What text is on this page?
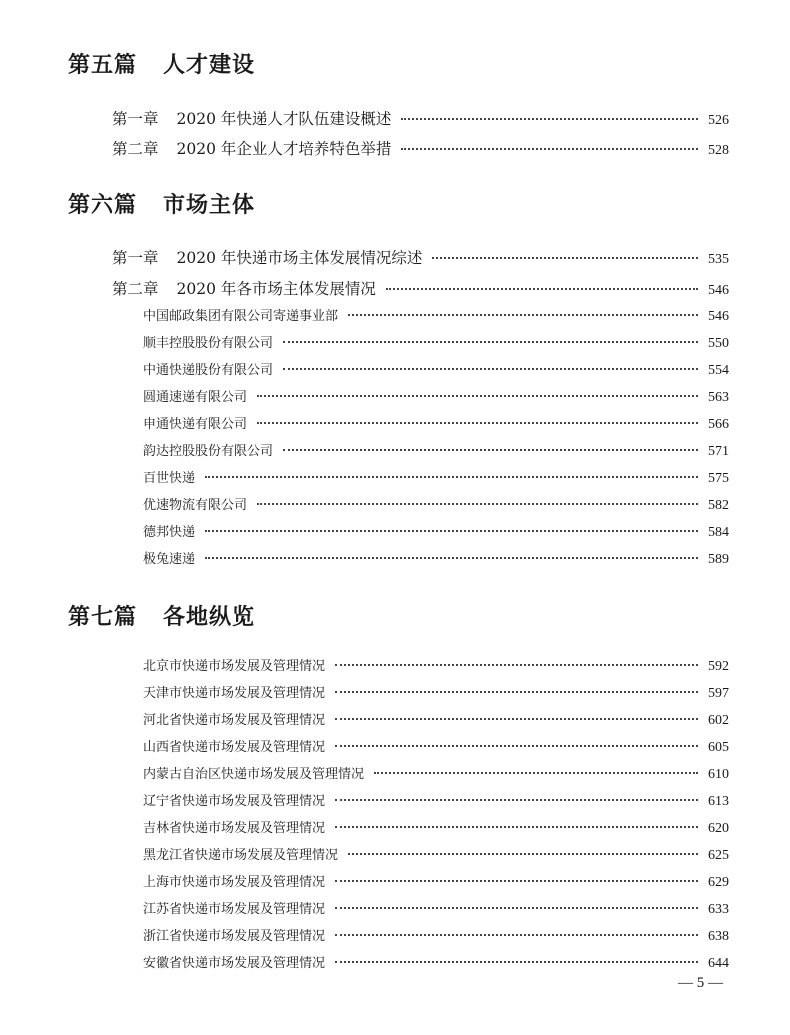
第五篇 人才建设
第一章 2020 年快递人才队伍建设概述	526
第二章 2020 年企业人才培养特色举措	528
第六篇 市场主体
第一章 2020 年快递市场主体发展情况综述	535
第二章 2020 年各市场主体发展情况	546
中国邮政集团有限公司寄递事业部	546
顺丰控股股份有限公司	550
中通快递股份有限公司	554
圆通速递有限公司	563
申通快递有限公司	566
韵达控股股份有限公司	571
百世快递	575
优速物流有限公司	582
德邦快递	584
极兔速递	589
第七篇 各地纵览
北京市快递市场发展及管理情况	592
天津市快递市场发展及管理情况	597
河北省快递市场发展及管理情况	602
山西省快递市场发展及管理情况	605
内蒙古自治区快递市场发展及管理情况	610
辽宁省快递市场发展及管理情况	613
吉林省快递市场发展及管理情况	620
黑龙江省快递市场发展及管理情况	625
上海市快递市场发展及管理情况	629
江苏省快递市场发展及管理情况	633
浙江省快递市场发展及管理情况	638
安徽省快递市场发展及管理情况	644
— 5 —
